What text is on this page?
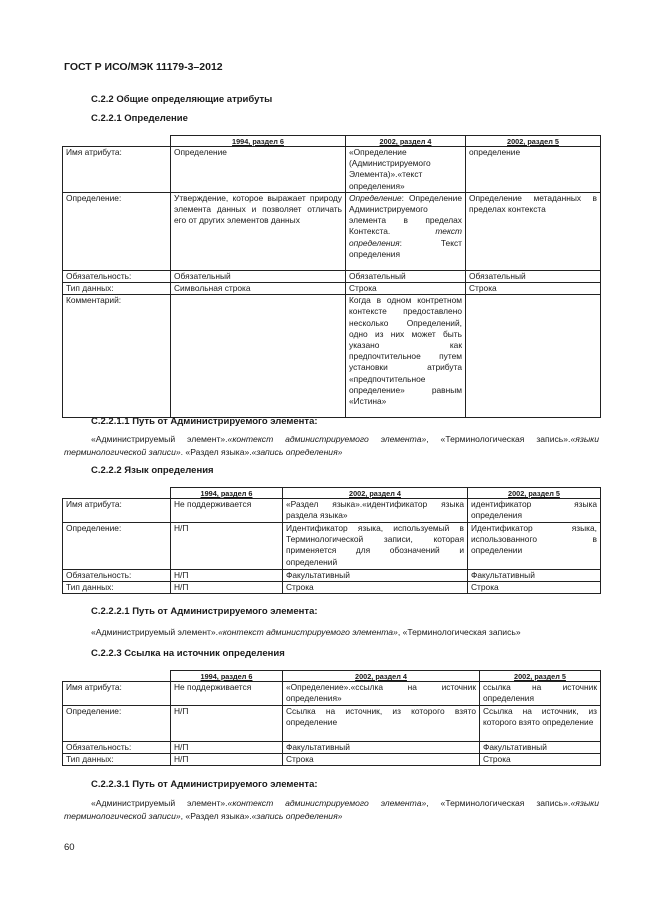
ГОСТ Р ИСО/МЭК 11179-3–2012
С.2.2 Общие определяющие атрибуты
С.2.2.1 Определение
	1994, раздел 6	2002, раздел 4	2002, раздел 5
Имя атрибута:	Определение	«Определение (Администрируемого Элемента)».«текст определения»	определение
Определение:	Утверждение, которое выражает природу элемента данных и позволяет отличать его от других элементов данных	Определение: Определение Администрируемого элемента в пределах Контекста. текст определения: Текст определения	Определение метаданных в пределах контекста
Обязательность:	Обязательный	Обязательный	Обязательный
Тип данных:	Символьная строка	Строка	Строка
Комментарий:		Когда в одном контретном контексте предоставлено несколько Определений, одно из них может быть указано как предпочтительное путем установки атрибута «предпочтительное определение» равным «Истина»	
С.2.2.1.1 Путь от Администрируемого элемента:
«Администрируемый элемент».«контекст администрируемого элемента», «Терминологическая запись».«языки терминологической записи». «Раздел языка».«запись определения»
С.2.2.2 Язык определения
	1994, раздел 6	2002, раздел 4	2002, раздел 5
Имя атрибута:	Не поддерживается	«Раздел языка».«идентификатор языка раздела языка»	идентификатор языка определения
Определение:	Н/П	Идентификатор языка, используемый в Терминологической записи, которая применяется для обозначений и определений	Идентификатор языка, использованного в определении
Обязательность:	Н/П	Факультативный	Факультативный
Тип данных:	Н/П	Строка	Строка
С.2.2.2.1 Путь от Администрируемого элемента:
«Администрируемый элемент».«контекст администрируемого элемента», «Терминологическая запись»
С.2.2.3 Ссылка на источник определения
	1994, раздел 6	2002, раздел 4	2002, раздел 5
Имя атрибута:	Не поддерживается	«Определение».«ссылка на источник определения»	ссылка на источник определения
Определение:	Н/П	Ссылка на источник, из которого взято определение	Ссылка на источник, из которого взято определение
Обязательность:	Н/П	Факультативный	Факультативный
Тип данных:	Н/П	Строка	Строка
С.2.2.3.1 Путь от Администрируемого элемента:
«Администрируемый элемент».«контекст администрируемого элемента», «Терминологическая запись».«языки терминологической записи», «Раздел языка».«запись определения»
60
